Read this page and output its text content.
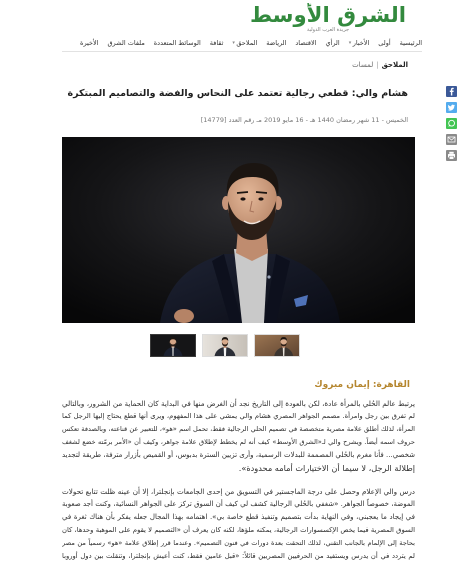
الشرق الأوسط
جريدة العرب الدولية
الرئيسية
أولى
الأخبار
▾
الرأي
الاقتصاد
الرياضة
الملاحق
▾
ثقافة
الوسائط المتعددة
ملفات الشرق
الأخيرة
الملاحق|لمسات
هشام والي: قطعي رجالية تعتمد على النحاس والفضة والتصاميم المبتكرة
الخميس - 11 شهر رمضان 1440 هـ - 16 مايو 2019 مـ رقم العدد [14779]
القاهرة: إيمان مبروك
يرتبط عالم الحُلي بالمرأة عادة، لكن بالعودة إلى التاريخ نجد أن الغرض منها في البداية كان الحماية من الشرور، وبالتالي
لم تفرق بين رجل وامرأة. مصمم الجواهر المصري هشام والي يمشي على هذا المفهوم، ويرى أنها قطع يحتاج إليها الرجل كما
المرأة، لذلك أطلق علامة مصرية متخصصة في تصميم الحلي الرجالية فقط، تحمل اسم «هو»، للتعبير عن قناعته، وبالصدفة تعكس
حروف اسمه أيضاً. ويشرح والي لـ«الشرق الأوسط» كيف أنه لم يخطط لإطلاق علامة جواهر، وكيف أن «الأمر برمّته خضع لشغف
شخصي... فأنا مغرم بالحُلي المصممة للبدلات الرسمية، وأرى تزيين السترة بدبوس، أو القميص بأزرار مترفة، طريقة لتجديد
إطلالة الرجل، لا سيما أن الاختيارات أمامه محدودة».
درس والي الإعلام وحصل على درجة الماجستير في التسويق من إحدى الجامعات بإنجلترا، إلا أن عينه ظلت تتابع تحولات
الموضة، خصوصاً الجواهر. «شغفي بالحُلي الرجالية كشف لي كيف أن السوق تركز على الجواهر النسائية، وكنت أجد صعوبة
في إيجاد ما يعجبني، وفي النهاية بدأت بتصميم وتنفيذ قطع خاصة بي». اهتمامه بهذا المجال جعله يفكر بأن هناك ثغرة في
السوق المصرية فيما يخص الإكسسوارات الرجالية، يمكنه ملؤها، لكنه كان يعرف أن «التصميم لا يقوم على الموهبة وحدها، كان
بحاجة إلى الإلمام بالجانب التقني، لذلك التحقت بعدة دورات في فنون التصميم». وعندما قرر إطلاق علامة «هو» رسمياً من مصر
لم يتردد في أن يدرس ويستفيد من الحرفيين المصريين قائلاً: «قبل عامين فقط، كنت أعيش بإنجلترا، وتنقلت بين دول أوروبا
